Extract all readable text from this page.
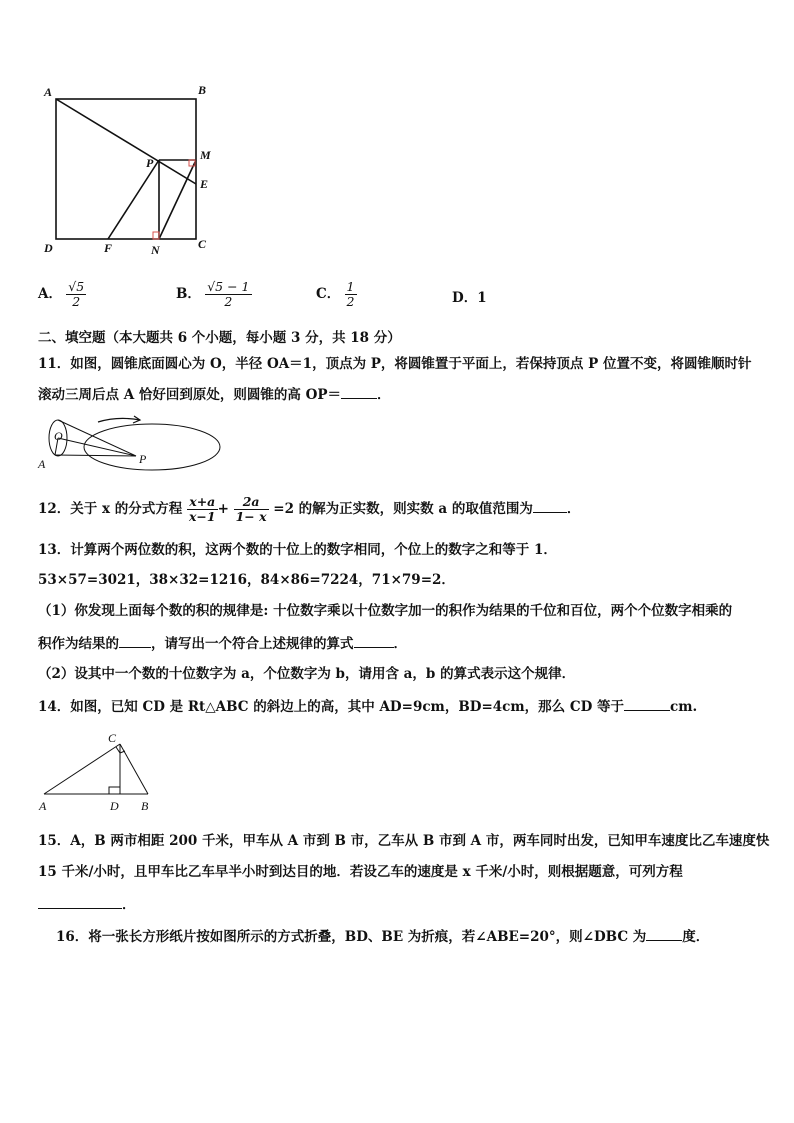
A	B
C
D
P
M
E
F	N
A． $\frac{√5}{2}$	B． $\frac{√5 - 1}{2}$	C． $\frac{1}{2}$	D．1
二、填空题（本大题共 6 个小题，每小题 3 分，共 18 分）
11．如图，圆锥底面圆心为 O，半径 OA＝1，顶点为 P，将圆锥置于平面上，若保持顶点 P 位置不变，将圆锥顺时针
滚动三周后点 A 恰好回到原处，则圆锥的高 OP＝	．
O
A	P
12．关于 x 的分式方程 $\frac{x+a}{x-1} + \frac{2a}{1- x} =2$ 的解为正实数，则实数 a 的取值范围为	．
13．计算两个两位数的积，这两个数的十位上的数字相同，个位上的数字之和等于 1．
53×57=3021，38×32=1216，84×86=7224，71×79=2．
（1）你发现上面每个数的积的规律是: 十位数字乘以十位数字加一的积作为结果的千位和百位，两个个位数字相乘的
积作为结果的 ，请写出一个符合上述规律的算式	．
（2）设其中一个数的十位数字为 a，个位数字为 b，请用含 a，b 的算式表示这个规律．
14．如图，已知 CD 是 Rt△ABC 的斜边上的高，其中 AD=9cm，BD=4cm，那么 CD 等于	cm.
C
A	D B
15．A，B 两市相距 200 千米，甲车从 A 市到 B 市，乙车从 B 市到 A 市，两车同时出发，已知甲车速度比乙车速度快
15 千米/小时，且甲车比乙车早半小时到达目的地．若设乙车的速度是 x 千米/小时，则根据题意，可列方程
．
16．将一张长方形纸片按如图所示的方式折叠，BD、BE 为折痕，若∠ABE=20°，则∠DBC 为	度．
